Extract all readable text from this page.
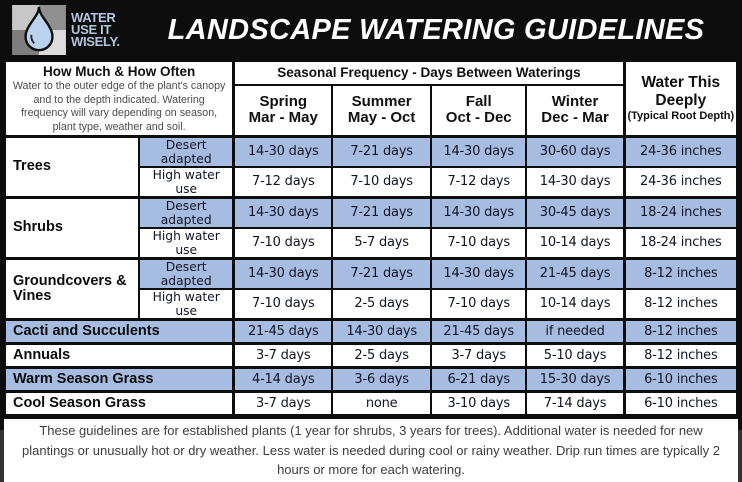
WATER
USE IT
WISELY.	LANDSCAPE WATERING GUIDELINES
How Much & How Often
Water to the outer edge of the plant's canopy and to the depth indicated. Watering frequency will vary depending on season, plant type, weather and soil.
	Seasonal Frequency - Days Between Waterings	
Water This Deeply
(Typical Root Depth)

Spring
Mar - May

Summer
May - Oct

Fall
Oct - Dec

Winter
Dec - Mar

Trees	Desert adapted	14-30 days	7-21 days	14-30 days	30-60 days	24-36 inches
	High water use	7-12 days	7-10 days	7-12 days	14-30 days	24-36 inches
Shrubs	Desert adapted	14-30 days	7-21 days	14-30 days	30-45 days	18-24 inches
	High water use	7-10 days	5-7 days	7-10 days	10-14 days	18-24 inches
Groundcovers & Vines	Desert adapted	14-30 days	7-21 days	14-30 days	21-45 days	8-12 inches
	High water use	7-10 days	2-5 days	7-10 days	10-14 days	8-12 inches
Cacti and Succulents		21-45 days	14-30 days	21-45 days	if needed	8-12 inches
Annuals		3-7 days	2-5 days	3-7 days	5-10 days	8-12 inches
Warm Season Grass		4-14 days	3-6 days	6-21 days	15-30 days	6-10 inches
Cool Season Grass		3-7 days	none	3-10 days	7-14 days	6-10 inches

These guidelines are for established plants (1 year for shrubs, 3 years for trees). Additional water is needed for new plantings or unusually hot or dry weather. Less water is needed during cool or rainy weather. Drip run times are typically 2 hours or more for each watering.
